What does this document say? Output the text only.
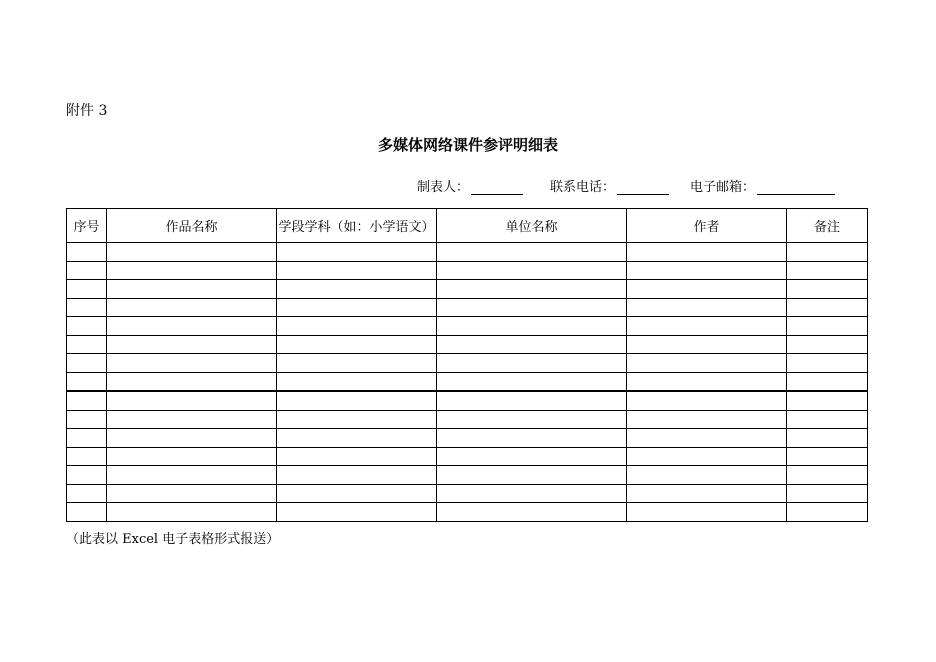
附件 3
多媒体网络课件参评明细表
制表人：	联系电话：	电子邮箱：
序号	作品名称	学段学科（如：小学语文）	单位名称	作者	备注

（此表以 Excel 电子表格形式报送）
